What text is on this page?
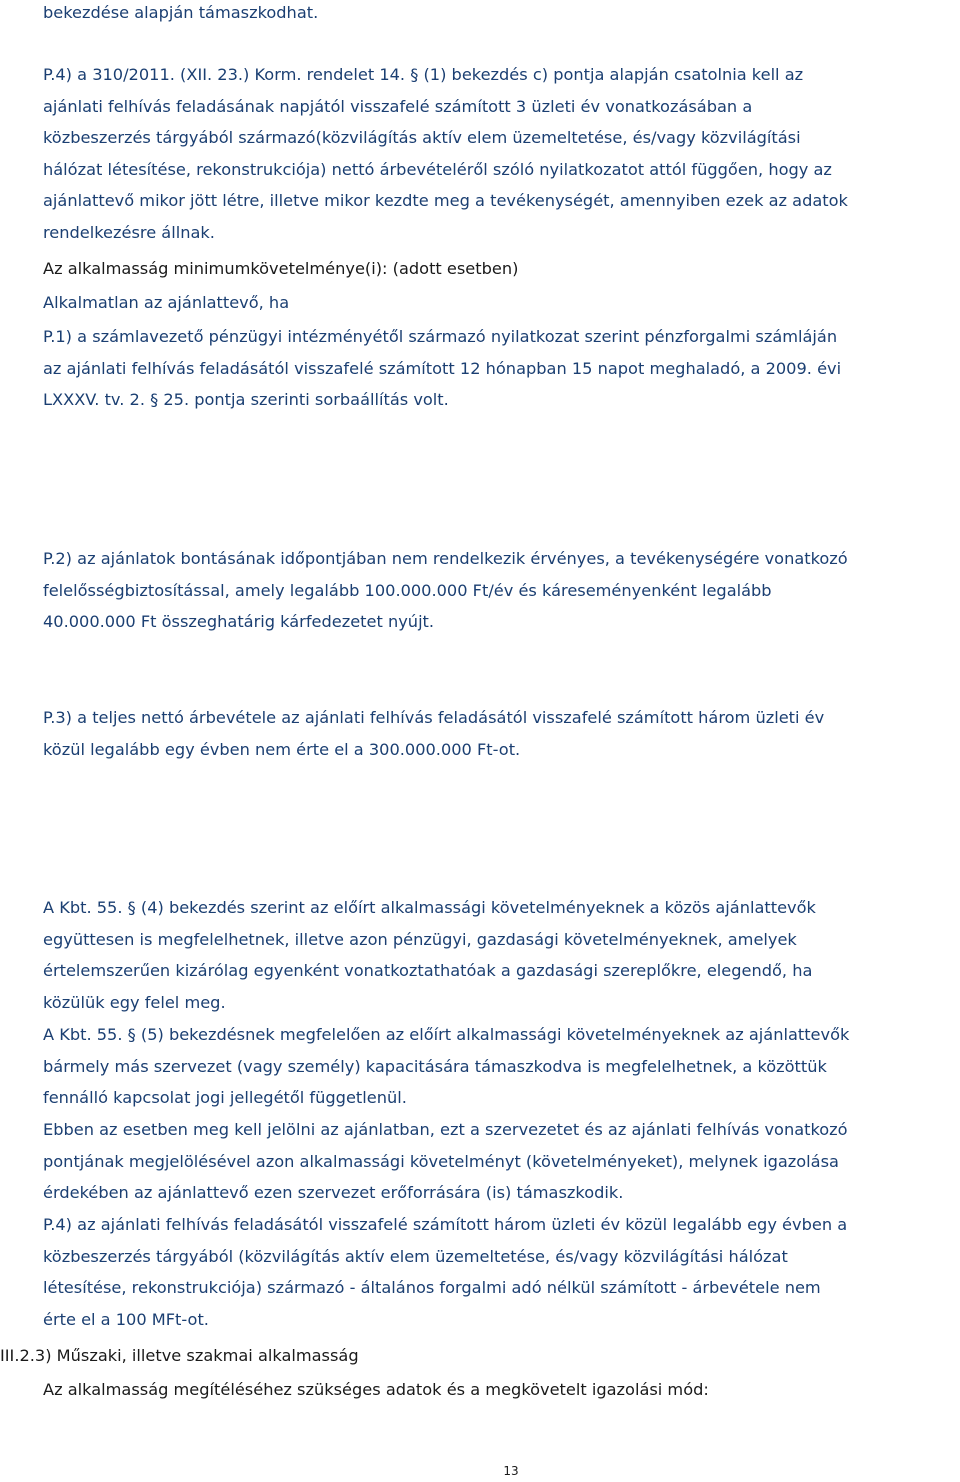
bekezdése alapján támaszkodhat.

P.4) a 310/2011. (XII. 23.) Korm. rendelet 14. § (1) bekezdés c) pontja alapján csatolnia kell az
ajánlati felhívás feladásának napjától visszafelé számított 3 üzleti év vonatkozásában a
közbeszerzés tárgyából származó(közvilágítás aktív elem üzemeltetése, és/vagy közvilágítási
hálózat létesítése, rekonstrukciója) nettó árbevételéről szóló nyilatkozatot attól függően, hogy az
ajánlattevő mikor jött létre, illetve mikor kezdte meg a tevékenységét, amennyiben ezek az adatok
rendelkezésre állnak.

Az alkalmasság minimumkövetelménye(i): (adott esetben)

Alkalmatlan az ajánlattevő, ha

P.1) a számlavezető pénzügyi intézményétől származó nyilatkozat szerint pénzforgalmi számláján
az ajánlati felhívás feladásától visszafelé számított 12 hónapban 15 napot meghaladó, a 2009. évi
LXXXV. tv. 2. § 25. pontja szerinti sorbaállítás volt.

P.2) az ajánlatok bontásának időpontjában nem rendelkezik érvényes, a tevékenységére vonatkozó
felelősségbiztosítással, amely legalább 100.000.000 Ft/év és káreseményenként legalább
40.000.000 Ft összeghatárig kárfedezetet nyújt.

P.3) a teljes nettó árbevétele az ajánlati felhívás feladásától visszafelé számított három üzleti év
közül legalább egy évben nem érte el a 300.000.000 Ft-ot.

A Kbt. 55. § (4) bekezdés szerint az előírt alkalmassági követelményeknek a közös ajánlattevők
együttesen is megfelelhetnek, illetve azon pénzügyi, gazdasági követelményeknek, amelyek
értelemszerűen kizárólag egyenként vonatkoztathatóak a gazdasági szereplőkre, elegendő, ha
közülük egy felel meg.

A Kbt. 55. § (5) bekezdésnek megfelelően az előírt alkalmassági követelményeknek az ajánlattevők
bármely más szervezet (vagy személy) kapacitására támaszkodva is megfelelhetnek, a közöttük
fennálló kapcsolat jogi jellegétől függetlenül.

Ebben az esetben meg kell jelölni az ajánlatban, ezt a szervezetet és az ajánlati felhívás vonatkozó
pontjának megjelölésével azon alkalmassági követelményt (követelményeket), melynek igazolása
érdekében az ajánlattevő ezen szervezet erőforrására (is) támaszkodik.

P.4) az ajánlati felhívás feladásától visszafelé számított három üzleti év közül legalább egy évben a
közbeszerzés tárgyából (közvilágítás aktív elem üzemeltetése, és/vagy közvilágítási hálózat
létesítése, rekonstrukciója) származó - általános forgalmi adó nélkül számított - árbevétele nem
érte el a 100 MFt-ot.

III.2.3) Műszaki, illetve szakmai alkalmasság

Az alkalmasság megítéléséhez szükséges adatok és a megkövetelt igazolási mód:

13
